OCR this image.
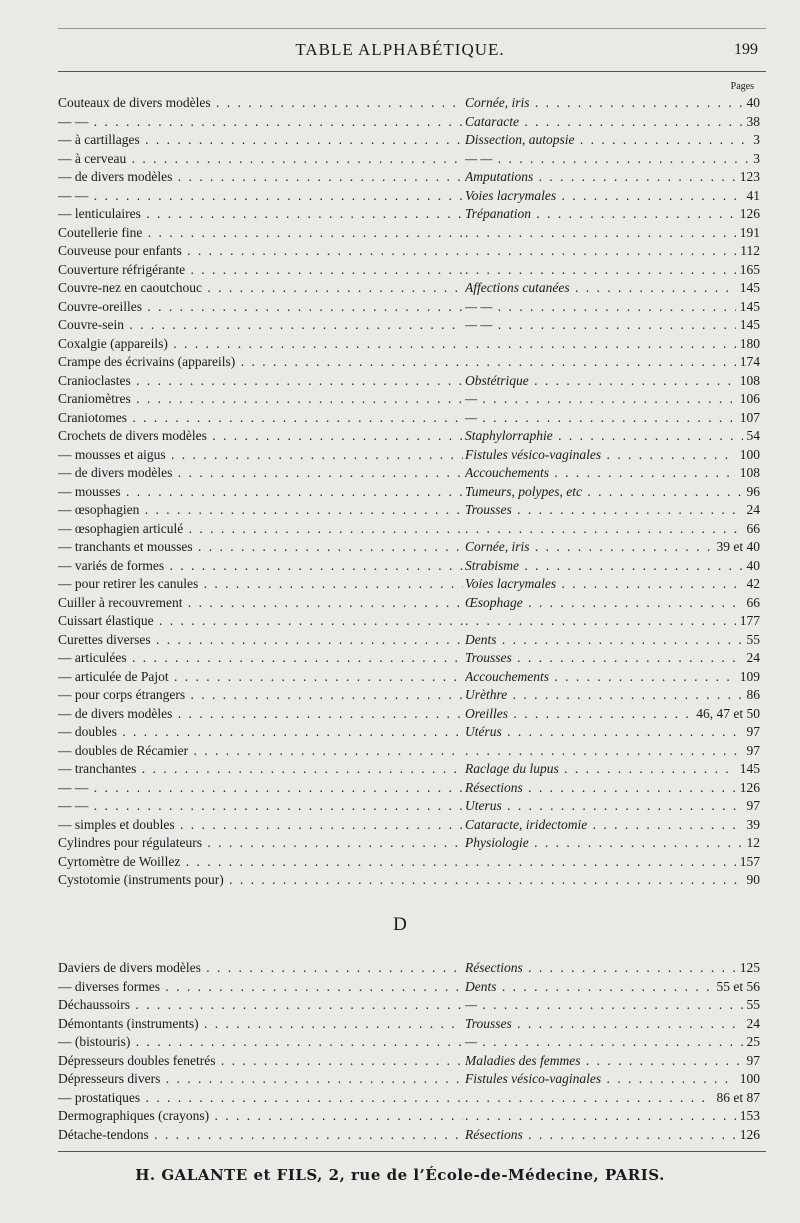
TABLE ALPHABÉTIQUE.	199
Pages
Couteaux de divers modèles . . .	Cornée, iris . . .	40
— — . . .	Cataracte . . .	38
— à cartillages . . .	Dissection, autopsie . . .	3
— à cerveau . . .	— — . . .	3
— de divers modèles . . .	Amputations . . .	123
— — . . .	Voies lacrymales . . .	41
— lenticulaires . . .	Trépanation . . .	126
Coutellerie fine . . . . . .	191
Couveuse pour enfants . . . . . .	112
Couverture réfrigérante . . . . . .	165
Couvre-nez en caoutchouc . . .	Affections cutanées . . .	145
Couvre-oreilles . . .	— — . . .	145
Couvre-sein . . .	— — . . .	145
Coxalgie (appareils) . . . . . .	180
Crampe des écrivains (appareils) . . . . . .	174
Cranioclastes . . .	Obstétrique . . .	108
Craniomètres . . .	— . . .	106
Craniotomes . . .	— . . .	107
Crochets de divers modèles . . .	Staphylorraphie . . .	54
— mousses et aigus . . .	Fistules vésico-vaginales . . .	100
— de divers modèles . . .	Accouchements . . .	108
— mousses . . .	Tumeurs, polypes, etc . . .	96
— œsophagien . . .	Trousses . . .	24
— œsophagien articulé . . . . . .	66
— tranchants et mousses . . .	Cornée, iris . . .	39 et 40
— variés de formes . . .	Strabisme . . .	40
— pour retirer les canules . . .	Voies lacrymales . . .	42
Cuiller à recouvrement . . .	Œsophage . . .	66
Cuissart élastique . . . . . .	177
Curettes diverses . . .	Dents . . .	55
— articulées . . .	Trousses . . .	24
— articulée de Pajot . . .	Accouchements . . .	109
— pour corps étrangers . . .	Urèthre . . .	86
— de divers modèles . . .	Oreilles . . .	46, 47 et 50
— doubles . . .	Utérus . . .	97
— doubles de Récamier . . . . . .	97
— tranchantes . . .	Raclage du lupus . . .	145
— — . . .	Résections . . .	126
— — . . .	Uterus . . .	97
— simples et doubles . . .	Cataracte, iridectomie . . .	39
Cylindres pour régulateurs . . .	Physiologie . . .	12
Cyrtomètre de Woillez . . . . . .	157
Cystotomie (instruments pour) . . . . . .	90
D
Daviers de divers modèles . . .	Résections . . .	125
— diverses formes . . .	Dents . . .	55 et 56
Déchaussoirs . . .	— . . .	55
Démontants (instruments) . . .	Trousses . . .	24
— (bistouris) . . .	— . . .	25
Dépresseurs doubles fenetrés . . .	Maladies des femmes . . .	97
Dépresseurs divers . . .	Fistules vésico-vaginales . . .	100
— prostatiques . . . . . .	86 et 87
Dermographiques (crayons) . . . . . .	153
Détache-tendons . . .	Résections . . .	126
H. GALANTE et FILS, 2, rue de l’École-de-Médecine, PARIS.
